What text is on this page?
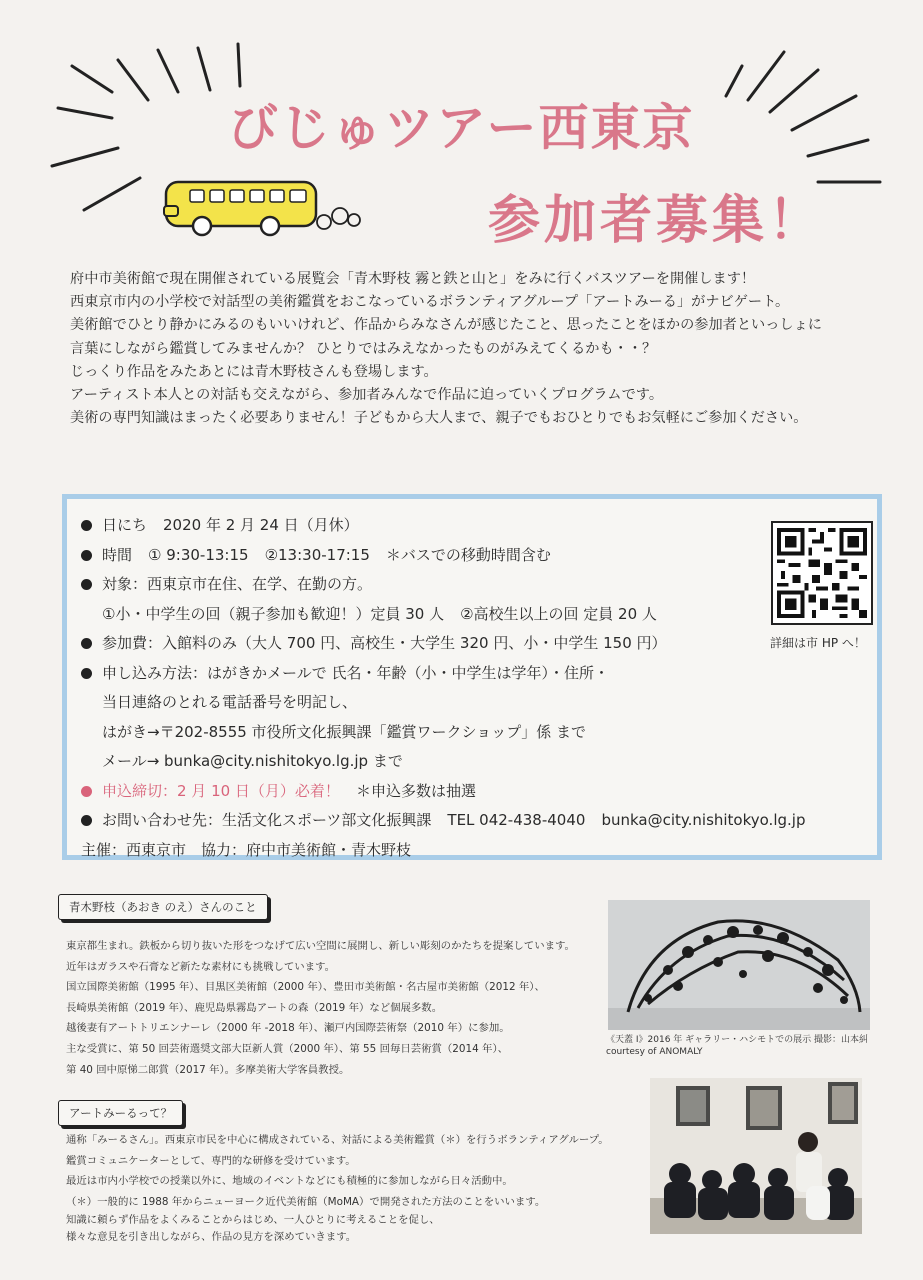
びじゅツアー西東京
参加者募集！

府中市美術館で現在開催されている展覧会「青木野枝 霧と鉄と山と」をみに行くバスツアーを開催します！

西東京市内の小学校で対話型の美術鑑賞をおこなっているボランティアグループ「アートみーる」がナビゲート。

美術館でひとり静かにみるのもいいけれど、作品からみなさんが感じたこと、思ったことをほかの参加者といっしょに

言葉にしながら鑑賞してみませんか？ ひとりではみえなかったものがみえてくるかも・・？

じっくり作品をみたあとには青木野枝さんも登場します。

アーティスト本人との対話も交えながら、参加者みんなで作品に迫っていくプログラムです。

美術の専門知識はまったく必要ありません！子どもから大人まで、親子でもおひとりでもお気軽にご参加ください。

日にち 2020 年 2 月 24 日（月休）
時間 ① 9:30-13:15 ②13:30-17:15 ＊バスでの移動時間含む
対象：西東京市在住、在学、在勤の方。
①小・中学生の回（親子参加も歓迎！）定員 30 人 ②高校生以上の回 定員 20 人
参加費：入館料のみ（大人 700 円、高校生・大学生 320 円、小・中学生 150 円）
申し込み方法：はがきかメールで 氏名・年齢（小・中学生は学年）・住所・
当日連絡のとれる電話番号を明記し、
はがき→〒202-8555 市役所文化振興課「鑑賞ワークショップ」係 まで
メール→ bunka@city.nishitokyo.lg.jp まで
申込締切：2 月 10 日（月）必着！ ＊申込多数は抽選
お問い合わせ先：生活文化スポーツ部文化振興課 TEL 042-438-4040 bunka@city.nishitokyo.lg.jp
主催：西東京市　協力：府中市美術館・青木野枝
詳細は市 HP へ！
青木野枝（あおき のえ）さんのこと

東京都生まれ。鉄板から切り抜いた形をつなげて広い空間に展開し、新しい彫刻のかたちを提案しています。

近年はガラスや石膏など新たな素材にも挑戦しています。

国立国際美術館（1995 年）、目黒区美術館（2000 年）、豊田市美術館・名古屋市美術館（2012 年）、

長崎県美術館（2019 年）、鹿児島県霧島アートの森（2019 年）など個展多数。

越後妻有アートトリエンナーレ（2000 年 -2018 年）、瀬戸内国際芸術祭（2010 年）に参加。

主な受賞に、第 50 回芸術選奨文部大臣新人賞（2000 年）、第 55 回毎日芸術賞（2014 年）、

第 40 回中原悌二郎賞（2017 年）。多摩美術大学客員教授。

《天蓋 I》2016 年 ギャラリー・ハシモトでの展示 撮影：山本糾

courtesy of ANOMALY

アートみーるって？

通称「みーるさん」。西東京市民を中心に構成されている、対話による美術鑑賞（＊）を行うボランティアグループ。

鑑賞コミュニケーターとして、専門的な研修を受けています。

最近は市内小学校での授業以外に、地域のイベントなどにも積極的に参加しながら日々活動中。

（＊）一般的に 1988 年からニューヨーク近代美術館（MoMA）で開発された方法のことをいいます。

知識に頼らず作品をよくみることからはじめ、一人ひとりに考えることを促し、

様々な意見を引き出しながら、作品の見方を深めていきます。
